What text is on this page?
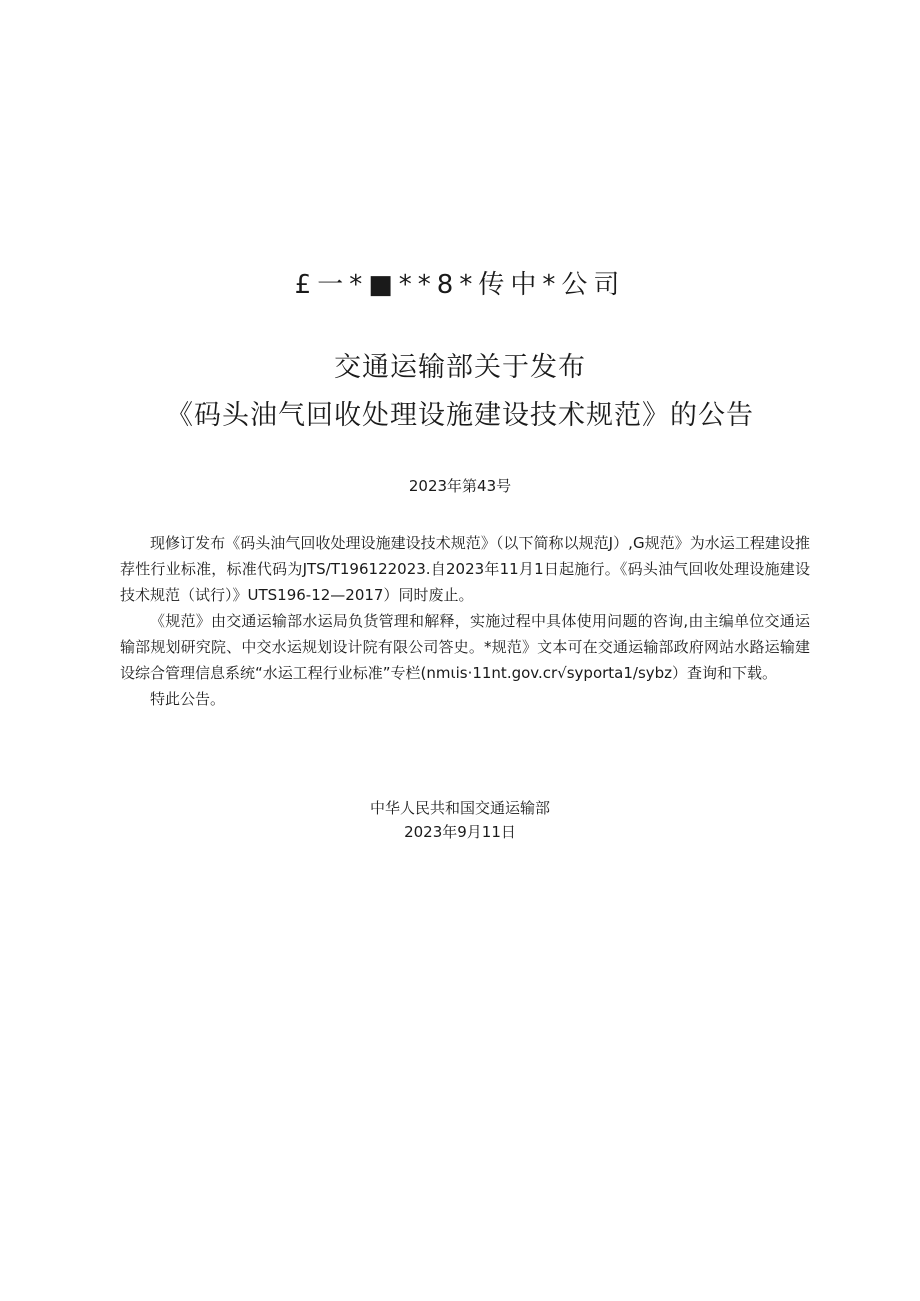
£一*■**8*传中*公司
交通运输部关于发布
《码头油气回收处理设施建设技术规范》的公告
2023年第43号

现修订发布《码头油气回收处理设施建设技术规范》（以下简称以规范J）,G规范》为水运工程建设推荐性行业标准，标准代码为JTS/T196122023.自2023年11月1日起施行。《码头油气回收处理设施建设技术规范（试行）》UTS196-12—2017）同时废止。

《规范》由交通运输部水运局负货管理和解释，实施过程中具体使用问题的咨询,由主编单位交通运输部规划研究院、中交水运规划设计院有限公司答史。*规范》文本可在交通运输部政府网站水路运输建设综合管理信息系统“水运工程行业标准”专栏(nmιis·11nt.gov.cr√syporta1/sybz）査询和下载。

特此公告。

中华人民共和国交通运输部
2023年9月11日
